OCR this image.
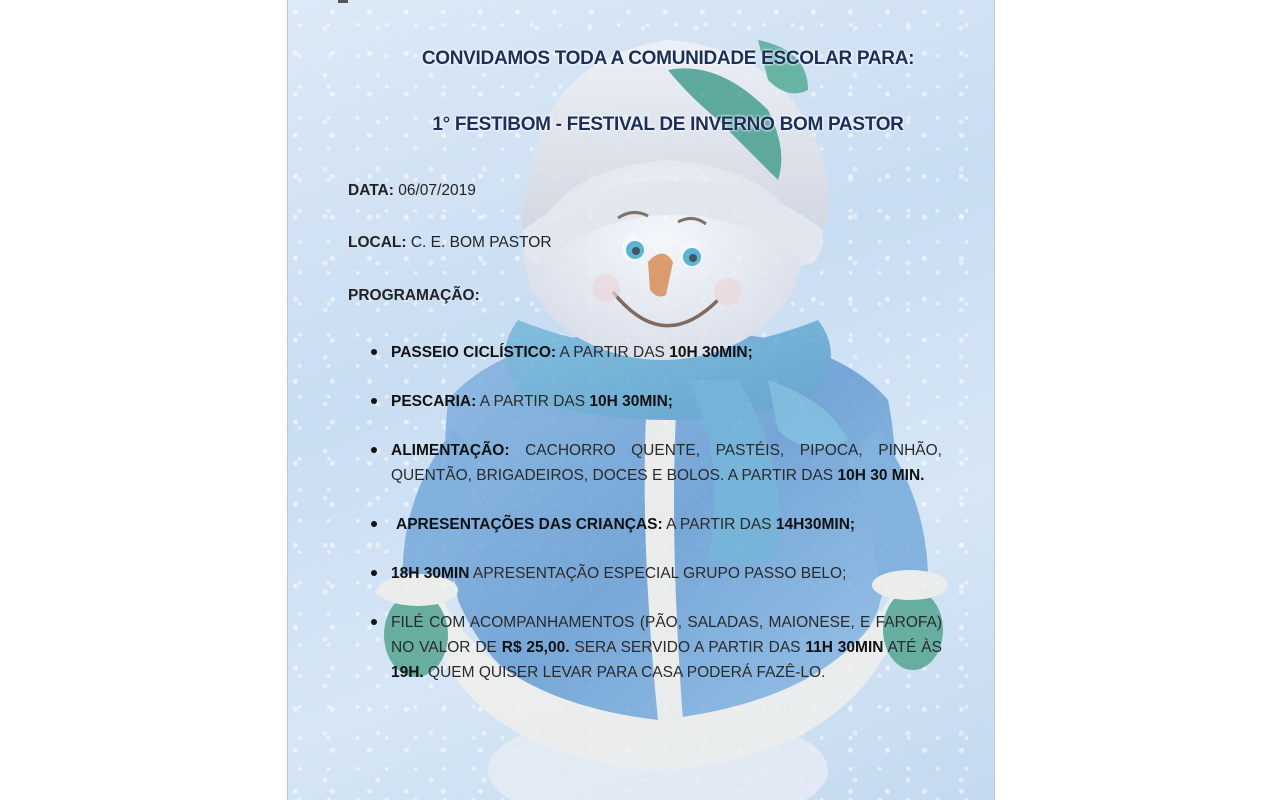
CONVIDAMOS TODA A COMUNIDADE ESCOLAR PARA:
1° FESTIBOM - FESTIVAL DE INVERNO BOM PASTOR
DATA: 06/07/2019
LOCAL: C. E. BOM PASTOR
PROGRAMAÇÃO:
PASSEIO CICLÍSTICO: A PARTIR DAS 10H 30MIN;
PESCARIA: A PARTIR DAS 10H 30MIN;
ALIMENTAÇÃO: CACHORRO QUENTE, PASTÉIS, PIPOCA, PINHÃO, QUENTÃO, BRIGADEIROS, DOCES E BOLOS. A PARTIR DAS 10H 30 MIN.
APRESENTAÇÕES DAS CRIANÇAS: A PARTIR DAS 14H30MIN;
18H 30MIN APRESENTAÇÃO ESPECIAL GRUPO PASSO BELO;
FILÉ COM ACOMPANHAMENTOS (PÃO, SALADAS, MAIONESE, E FAROFA) NO VALOR DE R$ 25,00. SERA SERVIDO A PARTIR DAS 11H 30MIN ATÉ ÀS 19H. QUEM QUISER LEVAR PARA CASA PODERÁ FAZÊ-LO.
